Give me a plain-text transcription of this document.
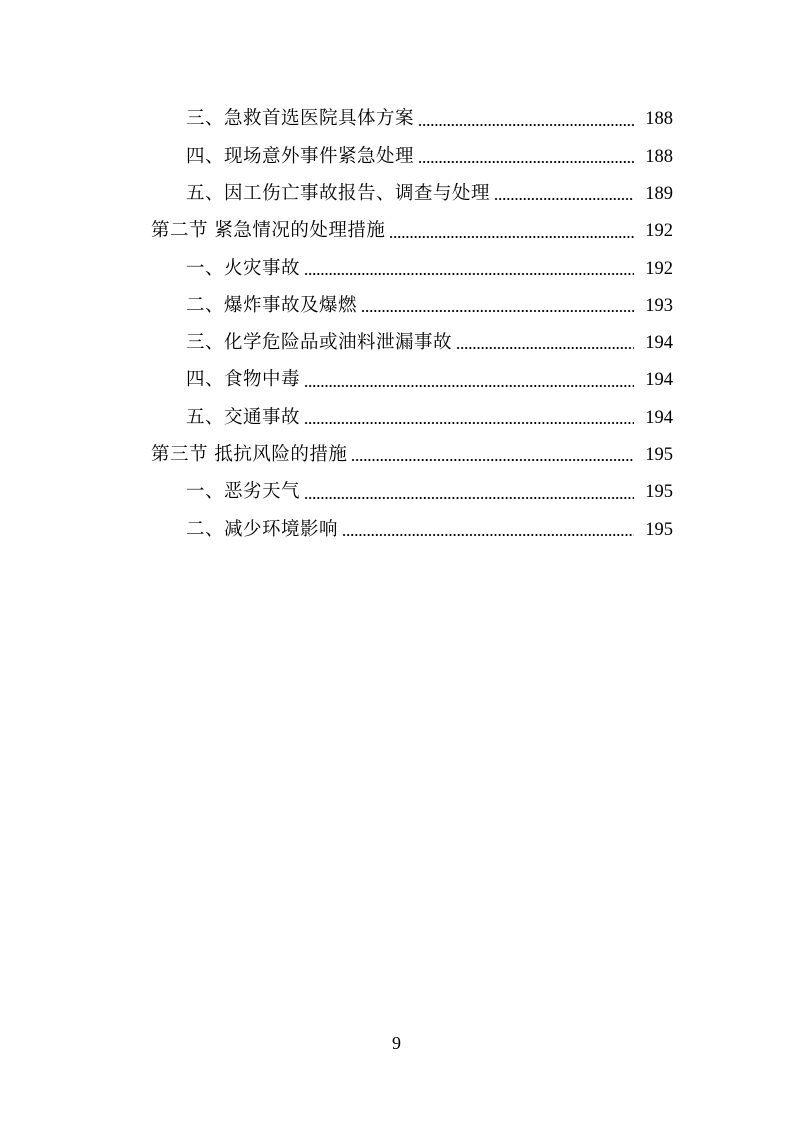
三、急救首选医院具体方案	188
四、现场意外事件紧急处理	188
五、因工伤亡事故报告、调查与处理	189
第二节 紧急情况的处理措施	192
一、火灾事故	192
二、爆炸事故及爆燃	193
三、化学危险品或油料泄漏事故	194
四、食物中毒	194
五、交通事故	194
第三节 抵抗风险的措施	195
一、恶劣天气	195
二、减少环境影响	195
9
